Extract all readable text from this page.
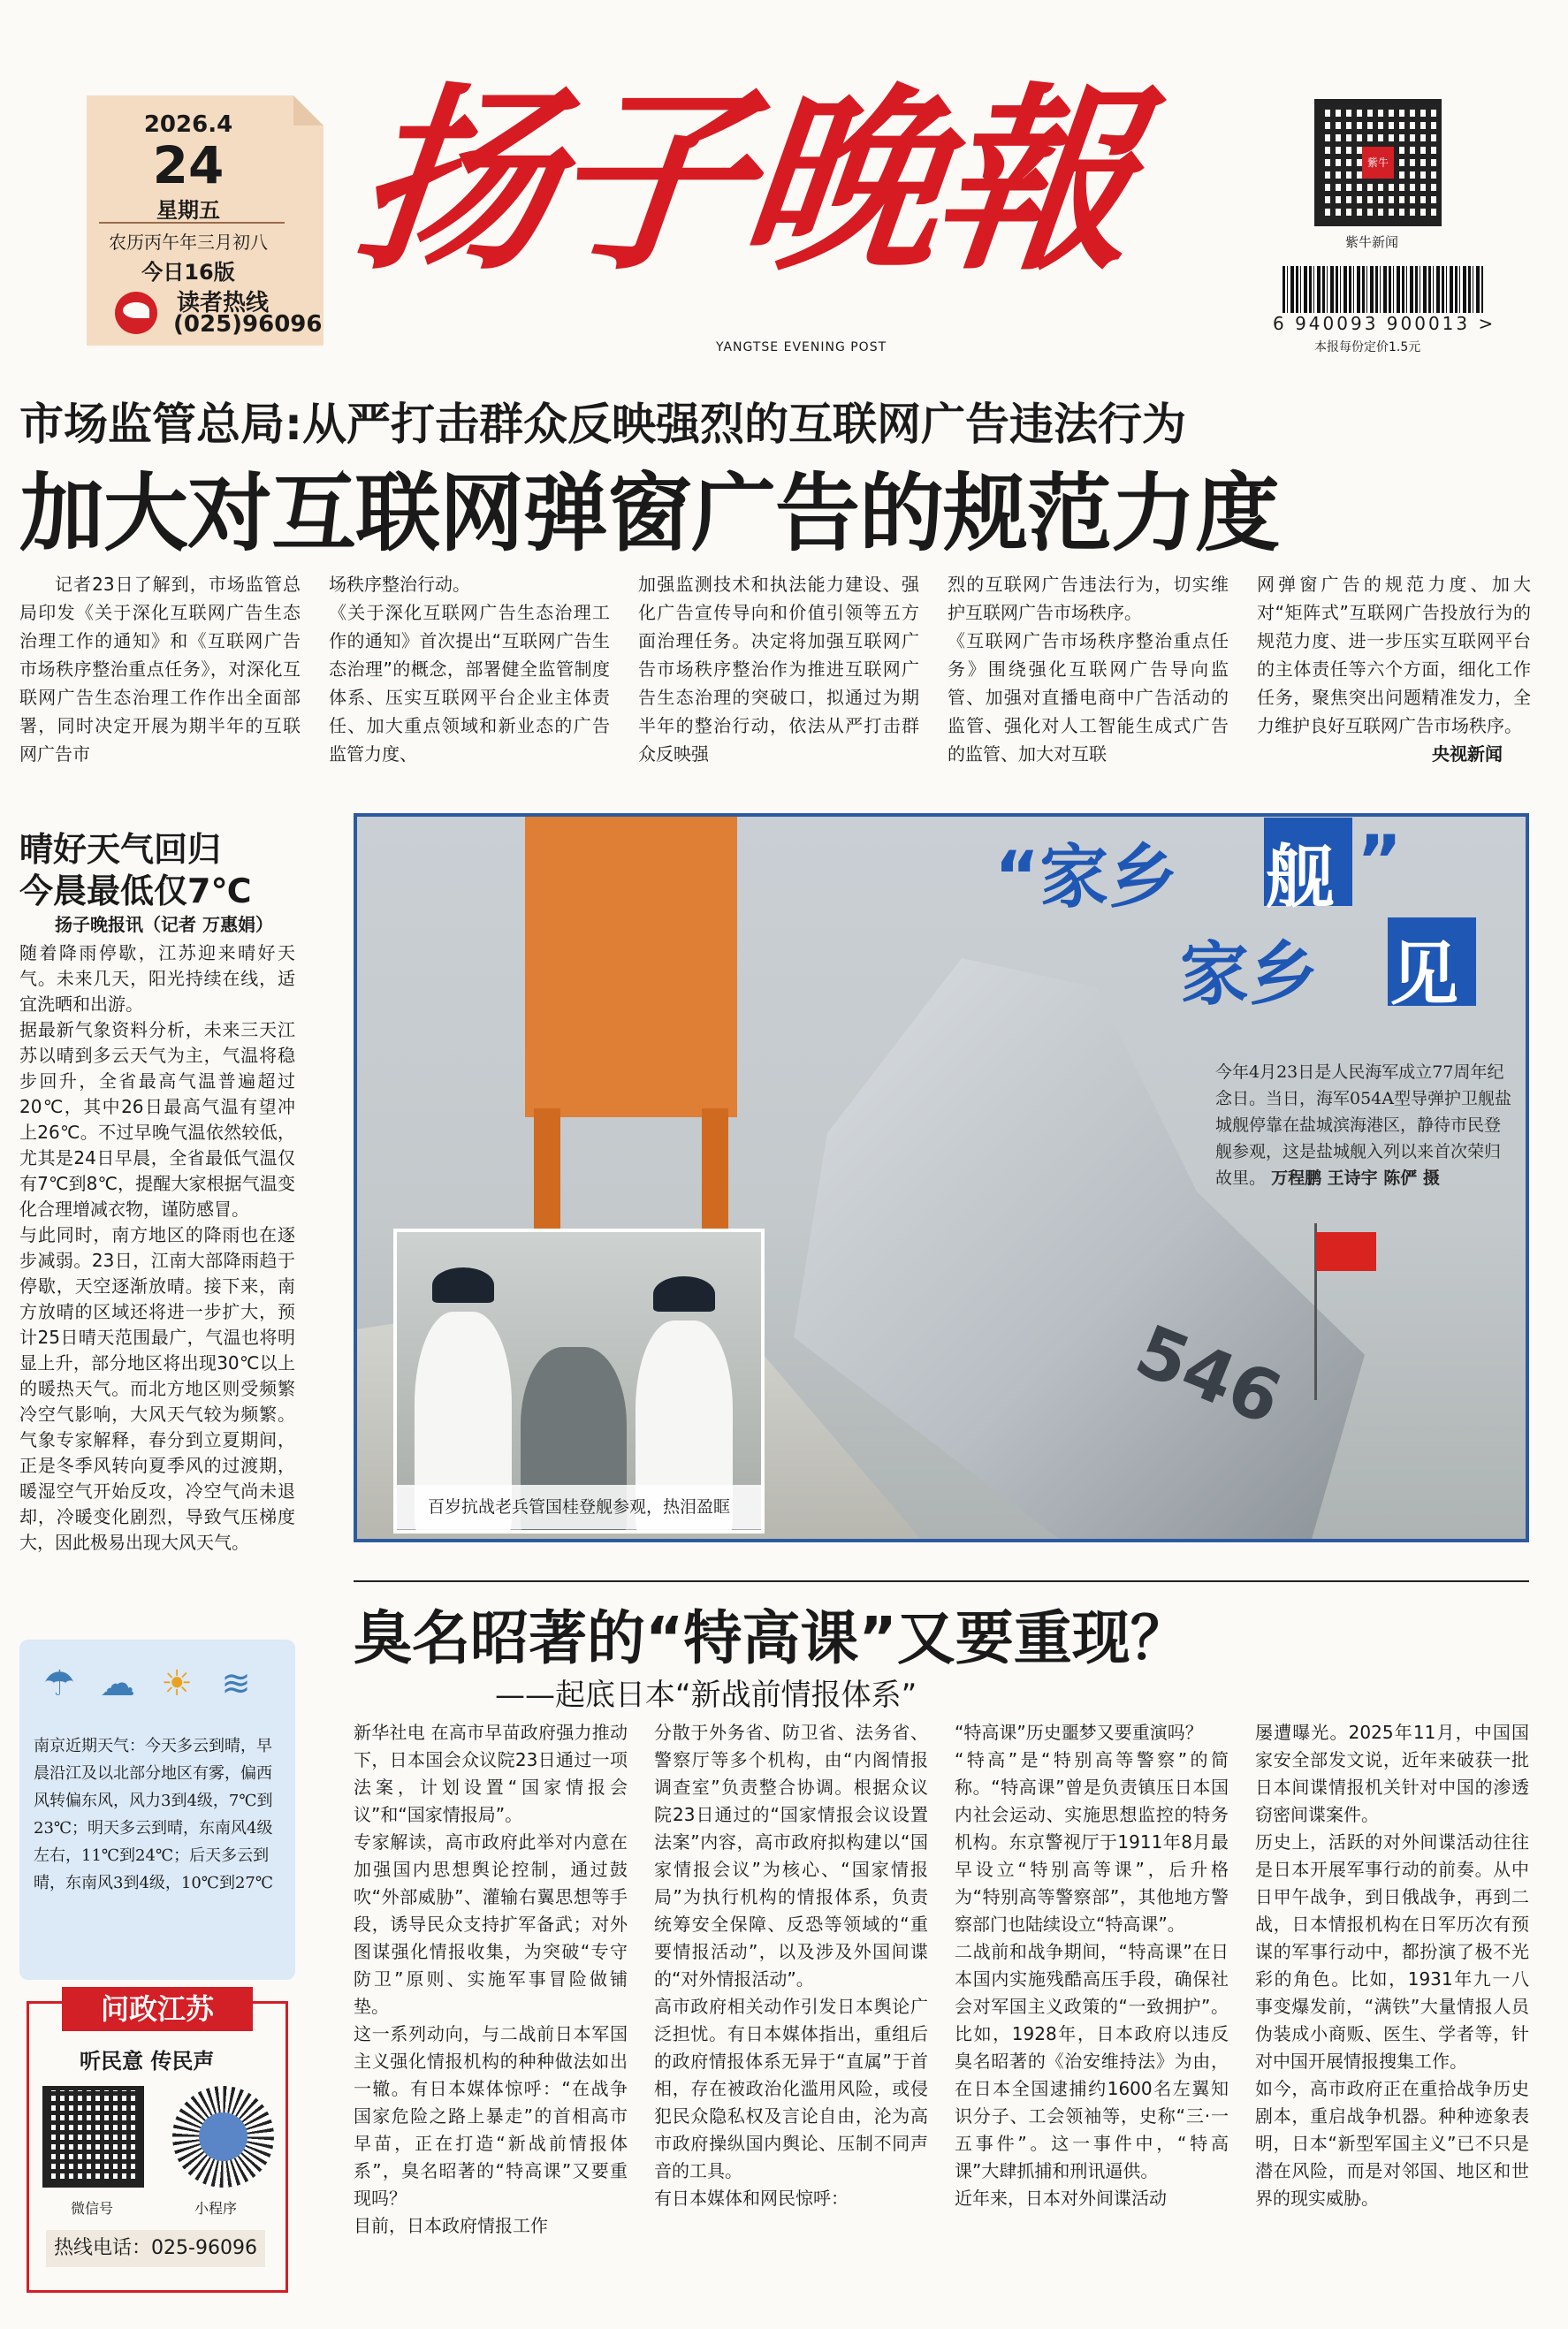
2026.4
24
星期五
农历丙午年三月初八
今日16版
读者热线
(025)96096
扬子晚報
YANGTSE EVENING POST
紫牛
紫牛新闻
6 940093 900013 >
本报每份定价1.5元
市场监管总局:从严打击群众反映强烈的互联网广告违法行为
加大对互联网弹窗广告的规范力度
记者23日了解到，市场监管总局印发《关于深化互联网广告生态治理工作的通知》和《互联网广告市场秩序整治重点任务》，对深化互联网广告生态治理工作作出全面部署，同时决定开展为期半年的互联网广告市
场秩序整治行动。
《关于深化互联网广告生态治理工作的通知》首次提出“互联网广告生态治理”的概念，部署健全监管制度体系、压实互联网平台企业主体责任、加大重点领域和新业态的广告监管力度、
加强监测技术和执法能力建设、强化广告宣传导向和价值引领等五方面治理任务。决定将加强互联网广告市场秩序整治作为推进互联网广告生态治理的突破口，拟通过为期半年的整治行动，依法从严打击群众反映强
烈的互联网广告违法行为，切实维护互联网广告市场秩序。
《互联网广告市场秩序整治重点任务》围绕强化互联网广告导向监管、加强对直播电商中广告活动的监管、强化对人工智能生成式广告的监管、加大对互联
网弹窗广告的规范力度、加大对“矩阵式”互联网广告投放行为的规范力度、进一步压实互联网平台的主体责任等六个方面，细化工作任务，聚焦突出问题精准发力，全力维护良好互联网广告市场秩序。
央视新闻
晴好天气回归
今晨最低仅7℃
扬子晚报讯（记者 万惠娟）
随着降雨停歇，江苏迎来晴好天气。未来几天，阳光持续在线，适宜洗晒和出游。
据最新气象资料分析，未来三天江苏以晴到多云天气为主，气温将稳步回升，全省最高气温普遍超过20℃，其中26日最高气温有望冲上26℃。不过早晚气温依然较低，尤其是24日早晨，全省最低气温仅有7℃到8℃，提醒大家根据气温变化合理增减衣物，谨防感冒。
与此同时，南方地区的降雨也在逐步减弱。23日，江南大部降雨趋于停歇，天空逐渐放晴。接下来，南方放晴的区域还将进一步扩大，预计25日晴天范围最广，气温也将明显上升，部分地区将出现30℃以上的暖热天气。而北方地区则受频繁冷空气影响，大风天气较为频繁。气象专家解释，春分到立夏期间，正是冬季风转向夏季风的过渡期，暖湿空气开始反攻，冷空气尚未退却，冷暖变化剧烈，导致气压梯度大，因此极易出现大风天气。
☂ ☁ ☀ ≋
南京近期天气：今天多云到晴，早晨沿江及以北部分地区有雾，偏西风转偏东风，风力3到4级，7℃到23℃；明天多云到晴，东南风4级左右，11℃到24℃；后天多云到晴，东南风3到4级，10℃到27℃
问政江苏
听民意 传民声
微信号	小程序
热线电话：025-96096
546
“家乡 舰 ”
家乡 见
今年4月23日是人民海军成立77周年纪念日。当日，海军054A型导弹护卫舰盐城舰停靠在盐城滨海港区，静待市民登舰参观，这是盐城舰入列以来首次荣归故里。 万程鹏 王诗宇 陈俨 摄
百岁抗战老兵管国桂登舰参观，热泪盈眶
臭名昭著的“特高课”又要重现？
——起底日本“新战前情报体系”
新华社电 在高市早苗政府强力推动下，日本国会众议院23日通过一项法案，计划设置“国家情报会议”和“国家情报局”。
专家解读，高市政府此举对内意在加强国内思想舆论控制，通过鼓吹“外部威胁”、灌输右翼思想等手段，诱导民众支持扩军备武；对外图谋强化情报收集，为突破“专守防卫”原则、实施军事冒险做铺垫。
这一系列动向，与二战前日本军国主义强化情报机构的种种做法如出一辙。有日本媒体惊呼：“在战争国家危险之路上暴走”的首相高市早苗，正在打造“新战前情报体系”，臭名昭著的“特高课”又要重现吗？
目前，日本政府情报工作
分散于外务省、防卫省、法务省、警察厅等多个机构，由“内阁情报调查室”负责整合协调。根据众议院23日通过的“国家情报会议设置法案”内容，高市政府拟构建以“国家情报会议”为核心、“国家情报局”为执行机构的情报体系，负责统筹安全保障、反恐等领域的“重要情报活动”，以及涉及外国间谍的“对外情报活动”。
高市政府相关动作引发日本舆论广泛担忧。有日本媒体指出，重组后的政府情报体系无异于“直属”于首相，存在被政治化滥用风险，或侵犯民众隐私权及言论自由，沦为高市政府操纵国内舆论、压制不同声音的工具。
有日本媒体和网民惊呼：
“特高课”历史噩梦又要重演吗？
“特高”是“特别高等警察”的简称。“特高课”曾是负责镇压日本国内社会运动、实施思想监控的特务机构。东京警视厅于1911年8月最早设立“特别高等课”，后升格为“特别高等警察部”，其他地方警察部门也陆续设立“特高课”。
二战前和战争期间，“特高课”在日本国内实施残酷高压手段，确保社会对军国主义政策的“一致拥护”。比如，1928年，日本政府以违反臭名昭著的《治安维持法》为由，在日本全国逮捕约1600名左翼知识分子、工会领袖等，史称“三·一五事件”。这一事件中，“特高课”大肆抓捕和刑讯逼供。
近年来，日本对外间谍活动
屡遭曝光。2025年11月，中国国家安全部发文说，近年来破获一批日本间谍情报机关针对中国的渗透窃密间谍案件。
历史上，活跃的对外间谍活动往往是日本开展军事行动的前奏。从中日甲午战争，到日俄战争，再到二战，日本情报机构在日军历次有预谋的军事行动中，都扮演了极不光彩的角色。比如，1931年九一八事变爆发前，“满铁”大量情报人员伪装成小商贩、医生、学者等，针对中国开展情报搜集工作。
如今，高市政府正在重拾战争历史剧本，重启战争机器。种种迹象表明，日本“新型军国主义”已不只是潜在风险，而是对邻国、地区和世界的现实威胁。
